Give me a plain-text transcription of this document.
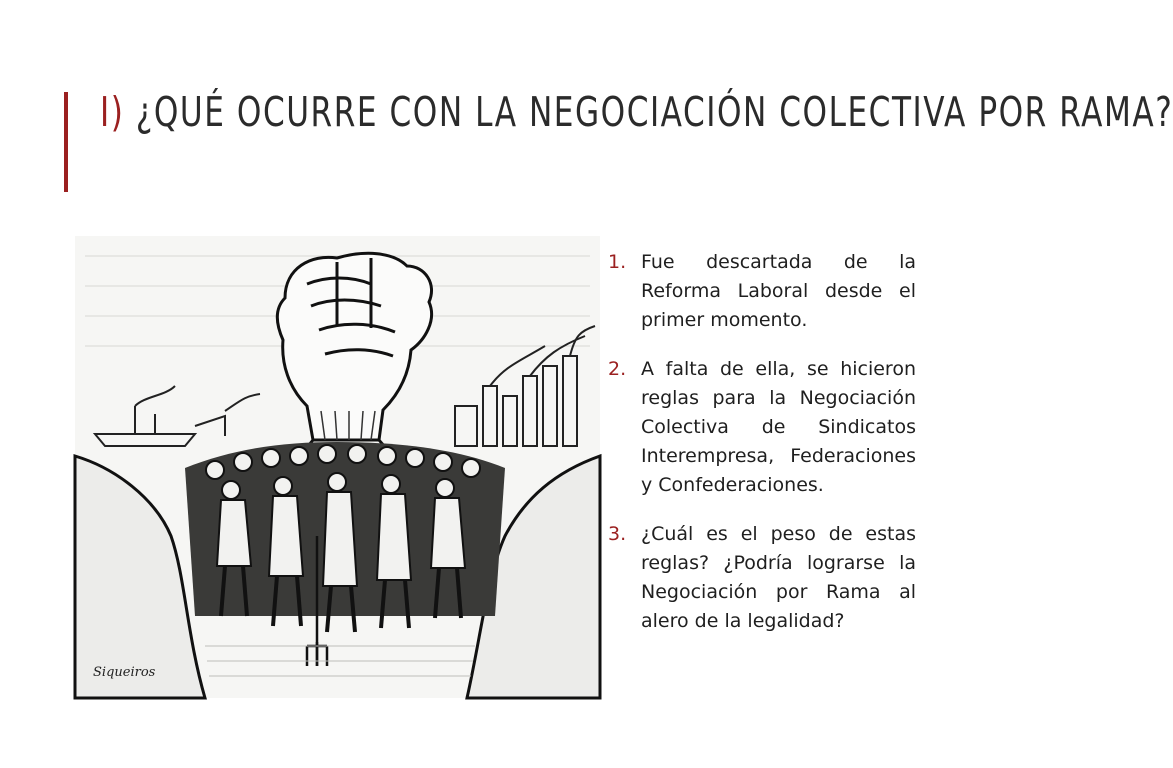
I) ¿QUÉ OCURRE CON LA NEGOCIACIÓN COLECTIVA POR RAMA?
Siqueiros
1. Fue descartada de la Reforma Laboral desde el primer momento.
2. A falta de ella, se hicieron reglas para la Negociación Colectiva de Sindicatos Interempresa, Federaciones y Confederaciones.
3. ¿Cuál es el peso de estas reglas? ¿Podría lograrse la Negociación por Rama al alero de la legalidad?
